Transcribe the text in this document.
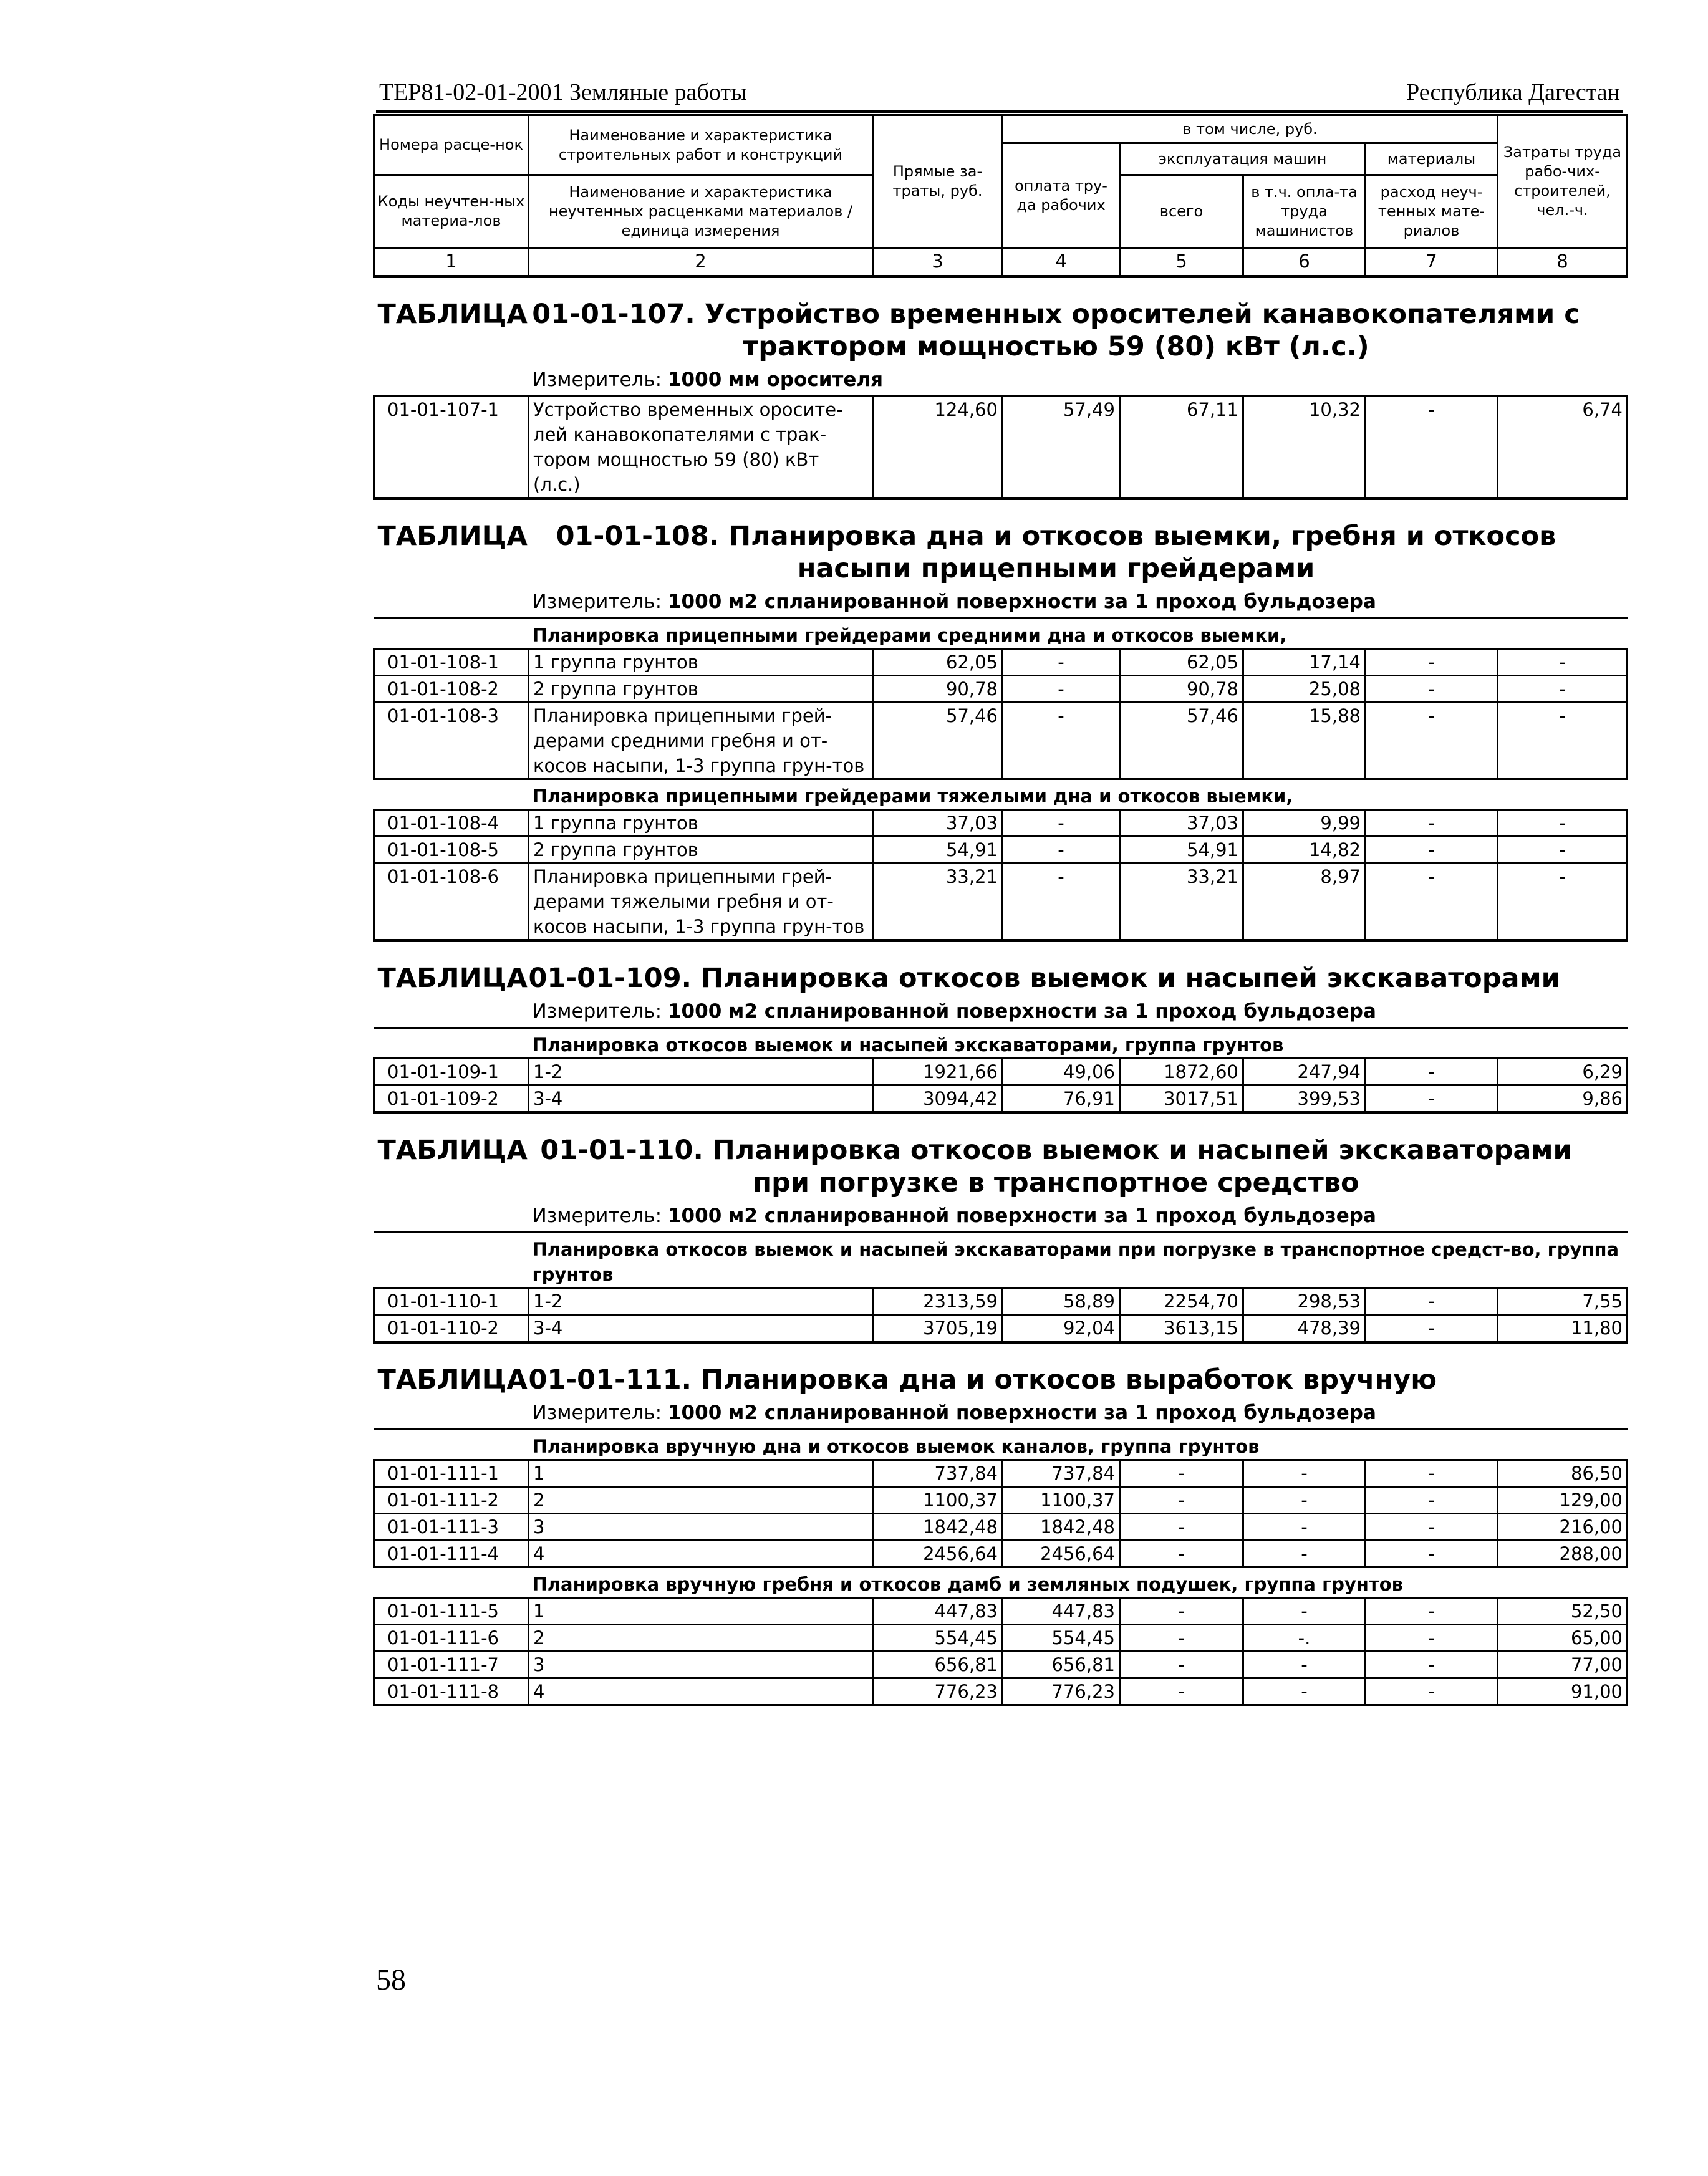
ТЕР81-02-01-2001 Земляные работы	Республика Дагестан
Номера расце-нок	Наименование и характеристика строительных работ и конструкций	Прямые за-траты, руб.	в том числе, руб.				Затраты труда рабо-чих-строителей, чел.-ч.
			оплата тру-да рабочих	эксплуатация машин		материалы	
Коды неучтен-ных материа-лов	Наименование и характеристика неучтенных расценками материалов / единица измерения			всего	в т.ч. опла-та труда машинистов	расход неуч-тенных мате-риалов	

1	2	3	4	5	6	7	8
ТАБЛИЦА	01-01-107. Устройство временных оросителей канавокопателями с трактором мощностью 59 (80) кВт (л.с.)						

	Измеритель: 1000 мм оросителя						
01-01-107-1	Устройство временных оросите-лей канавокопателями с трак-тором мощностью 59 (80) кВт (л.с.)	124,60	57,49	67,11	10,32	-	6,74
ТАБЛИЦА	01-01-108. Планировка дна и откосов выемки, гребня и откосов насыпи прицепными грейдерами						

	Измеритель: 1000 м2 спланированной поверхности за 1 проход бульдозера						
	Планировка прицепными грейдерами средними дна и откосов выемки,						
01-01-108-1	1 группа грунтов	62,05	-	62,05	17,14	-	-
01-01-108-2	2 группа грунтов	90,78	-	90,78	25,08	-	-
01-01-108-3	Планировка прицепными грей-дерами средними гребня и от-косов насыпи, 1-3 группа грун-тов	57,46	-	57,46	15,88	-	-
	Планировка прицепными грейдерами тяжелыми дна и откосов выемки,						
01-01-108-4	1 группа грунтов	37,03	-	37,03	9,99	-	-
01-01-108-5	2 группа грунтов	54,91	-	54,91	14,82	-	-
01-01-108-6	Планировка прицепными грей-дерами тяжелыми гребня и от-косов насыпи, 1-3 группа грун-тов	33,21	-	33,21	8,97	-	-
ТАБЛИЦА	01-01-109. Планировка откосов выемок и насыпей экскаваторами						
	Измеритель: 1000 м2 спланированной поверхности за 1 проход бульдозера						
	Планировка откосов выемок и насыпей экскаваторами, группа грунтов						
01-01-109-1	1-2	1921,66	49,06	1872,60	247,94	-	6,29
01-01-109-2	3-4	3094,42	76,91	3017,51	399,53	-	9,86
ТАБЛИЦА	01-01-110. Планировка откосов выемок и насыпей экскаваторами при погрузке в транспортное средство						

	Измеритель: 1000 м2 спланированной поверхности за 1 проход бульдозера						
	Планировка откосов выемок и насыпей экскаваторами при погрузке в транспортное средст-во, группа грунтов						
01-01-110-1	1-2	2313,59	58,89	2254,70	298,53	-	7,55
01-01-110-2	3-4	3705,19	92,04	3613,15	478,39	-	11,80
ТАБЛИЦА	01-01-111. Планировка дна и откосов выработок вручную						
	Измеритель: 1000 м2 спланированной поверхности за 1 проход бульдозера						
	Планировка вручную дна и откосов выемок каналов, группа грунтов						
01-01-111-1	1	737,84	737,84	-	-	-	86,50
01-01-111-2	2	1100,37	1100,37	-	-	-	129,00
01-01-111-3	3	1842,48	1842,48	-	-	-	216,00
01-01-111-4	4	2456,64	2456,64	-	-	-	288,00
	Планировка вручную гребня и откосов дамб и земляных подушек, группа грунтов						
01-01-111-5	1	447,83	447,83	-	-	-	52,50
01-01-111-6	2	554,45	554,45	-	-.	-	65,00
01-01-111-7	3	656,81	656,81	-	-	-	77,00
01-01-111-8	4	776,23	776,23	-	-	-	91,00
58
